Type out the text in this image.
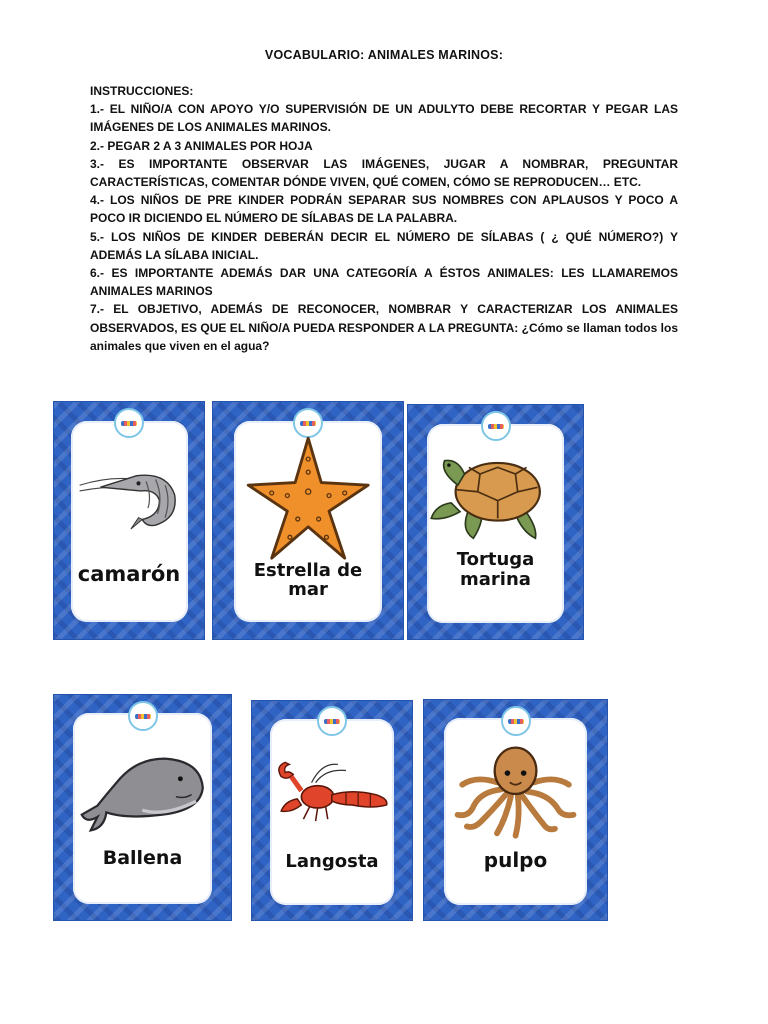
VOCABULARIO: ANIMALES MARINOS:

INSTRUCCIONES:

1.- EL NIÑO/A CON APOYO Y/O SUPERVISIÓN DE UN ADULYTO DEBE RECORTAR Y PEGAR LAS IMÁGENES DE LOS ANIMALES MARINOS.

2.- PEGAR 2 A 3 ANIMALES POR HOJA

3.- ES IMPORTANTE OBSERVAR LAS IMÁGENES, JUGAR A NOMBRAR, PREGUNTAR CARACTERÍSTICAS, COMENTAR DÓNDE VIVEN, QUÉ COMEN, CÓMO SE REPRODUCEN… ETC.

4.- LOS NIÑOS DE PRE KINDER PODRÁN SEPARAR SUS NOMBRES CON APLAUSOS Y POCO A POCO IR DICIENDO EL NÚMERO DE SÍLABAS DE LA PALABRA.

5.- LOS NIÑOS DE KINDER DEBERÁN DECIR EL NÚMERO DE SÍLABAS ( ¿ QUÉ NÚMERO?) Y ADEMÁS LA SÍLABA INICIAL.

6.- ES IMPORTANTE ADEMÁS DAR UNA CATEGORÍA A ÉSTOS ANIMALES: LES LLAMAREMOS ANIMALES MARINOS

7.- EL OBJETIVO, ADEMÁS DE RECONOCER, NOMBRAR Y CARACTERIZAR LOS ANIMALES OBSERVADOS, ES QUE EL NIÑO/A PUEDA RESPONDER A LA PREGUNTA: ¿Cómo se llaman todos los animales que viven en el agua?

camarón	Estrella de mar
Tortuga marina
Ballena	Langosta	pulpo
